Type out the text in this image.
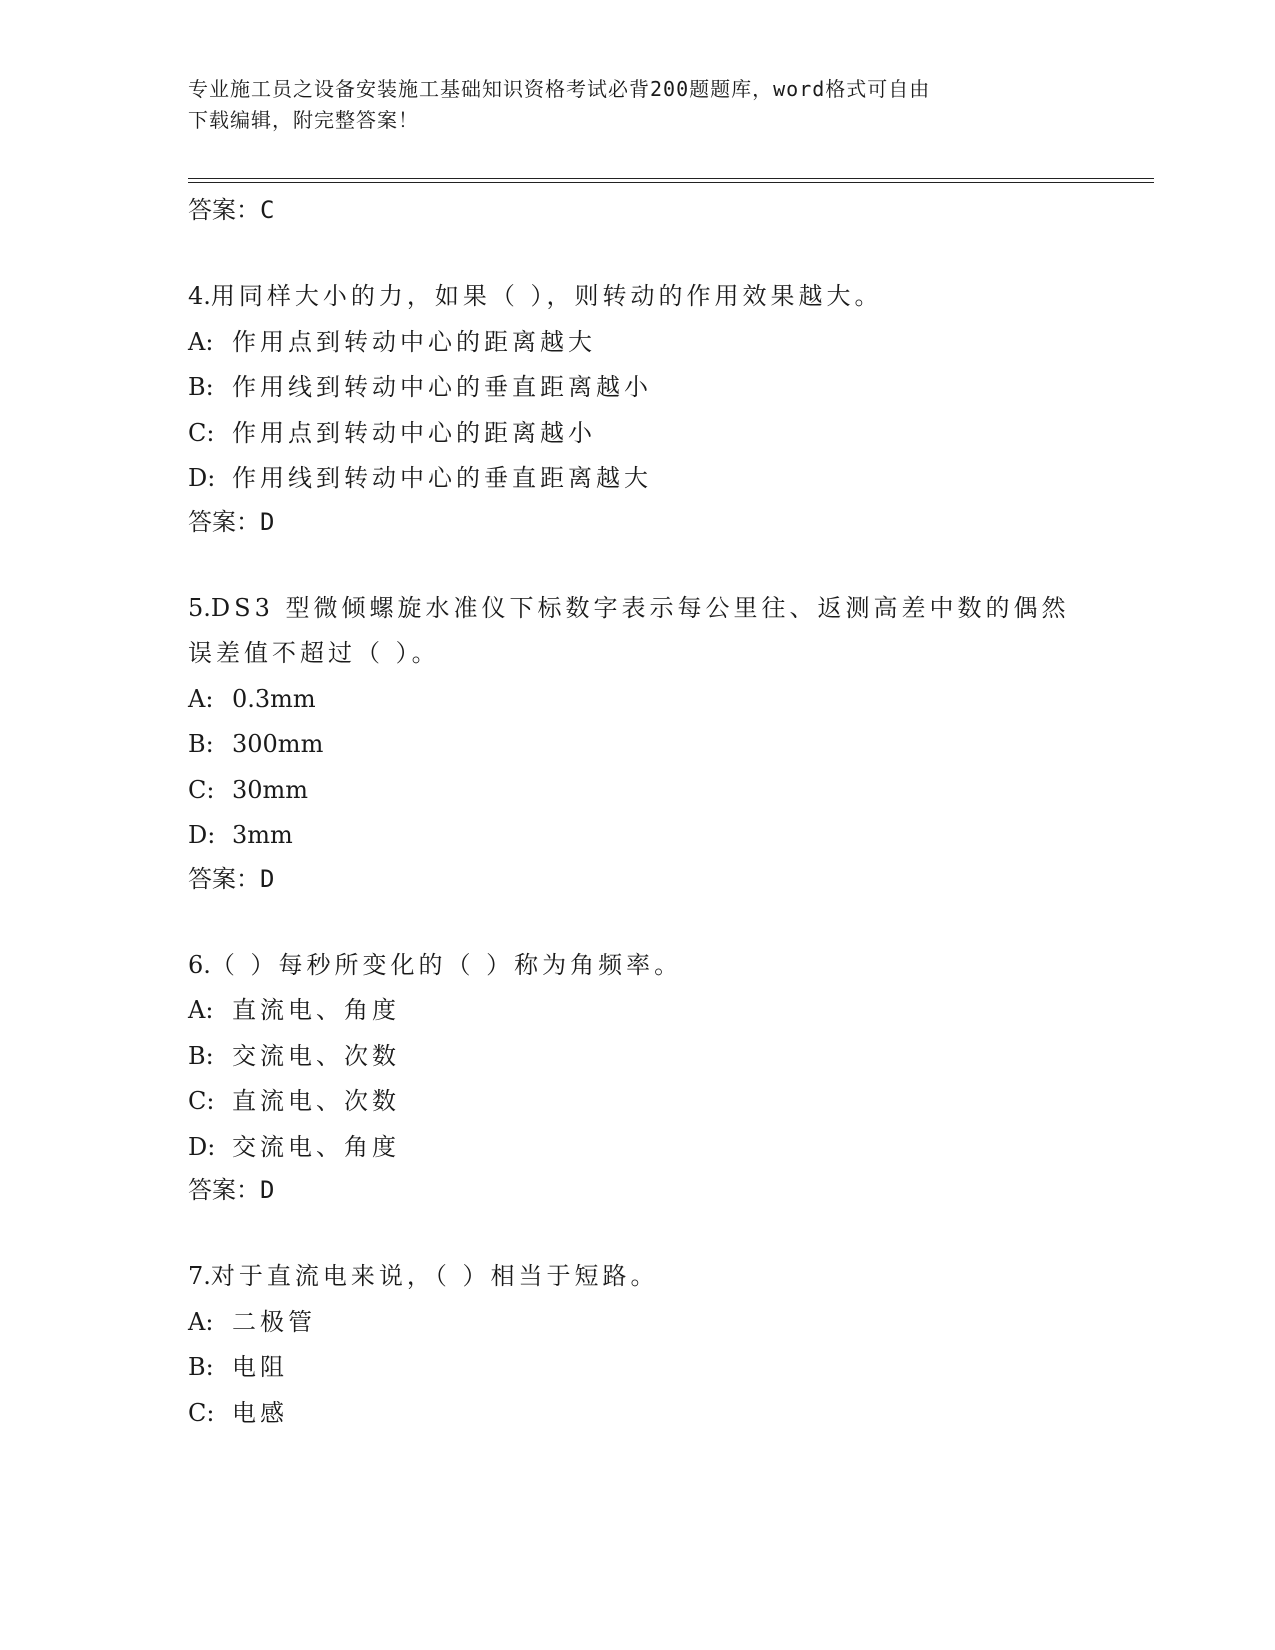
专业施工员之设备安装施工基础知识资格考试必背200题题库，word格式可自由
下载编辑，附完整答案！
答案：C
4.用同样大小的力，如果（ ），则转动的作用效果越大。
A: 作用点到转动中心的距离越大
B: 作用线到转动中心的垂直距离越小
C: 作用点到转动中心的距离越小
D: 作用线到转动中心的垂直距离越大
答案：D
5.DS3 型微倾螺旋水准仪下标数字表示每公里往、返测高差中数的偶然
误差值不超过（ ）。
A: 0.3mm
B: 300mm
C: 30mm
D: 3mm
答案：D
6.（ ）每秒所变化的（ ）称为角频率。
A: 直流电、角度
B: 交流电、次数
C: 直流电、次数
D: 交流电、角度
答案：D
7.对于直流电来说，（ ）相当于短路。
A: 二极管
B: 电阻
C: 电感
